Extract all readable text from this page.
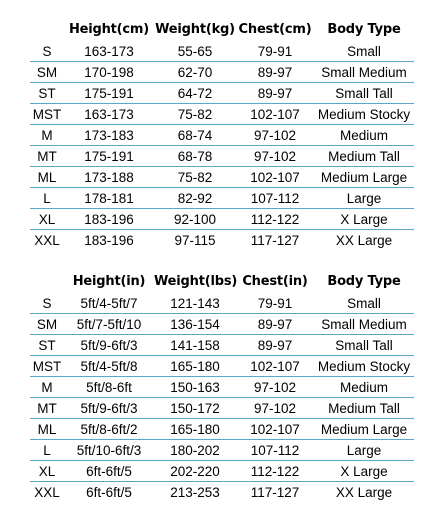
	Height(cm)	Weight(kg)	Chest(cm)	Body Type
S	163-173	55-65	79-91	Small
SM	170-198	62-70	89-97	Small Medium
ST	175-191	64-72	89-97	Small Tall
MST	163-173	75-82	102-107	Medium Stocky
M	173-183	68-74	97-102	Medium
MT	175-191	68-78	97-102	Medium Tall
ML	173-188	75-82	102-107	Medium Large
L	178-181	82-92	107-112	Large
XL	183-196	92-100	112-122	X Large
XXL	183-196	97-115	117-127	XX Large
	Height(in)	Weight(lbs)	Chest(in)	Body Type
S	5ft/4-5ft/7	121-143	79-91	Small
SM	5ft/7-5ft/10	136-154	89-97	Small Medium
ST	5ft/9-6ft/3	141-158	89-97	Small Tall
MST	5ft/4-5ft/8	165-180	102-107	Medium Stocky
M	5ft/8-6ft	150-163	97-102	Medium
MT	5ft/9-6ft/3	150-172	97-102	Medium Tall
ML	5ft/8-6ft/2	165-180	102-107	Medium Large
L	5ft/10-6ft/3	180-202	107-112	Large
XL	6ft-6ft/5	202-220	112-122	X Large
XXL	6ft-6ft/5	213-253	117-127	XX Large
